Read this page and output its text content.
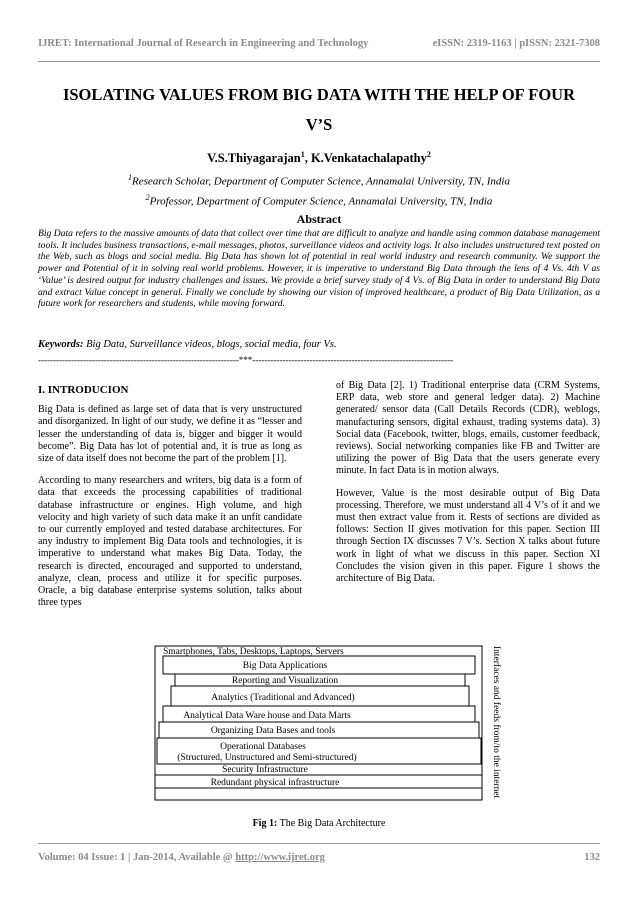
IJRET: International Journal of Research in Engineering and Technology	eISSN: 2319-1163 | pISSN: 2321-7308
ISOLATING VALUES FROM BIG DATA WITH THE HELP OF FOUR
V’S
V.S.Thiyagarajan$^1$, K.Venkatachalapathy$^2$
$^1$Research Scholar, Department of Computer Science, Annamalai University, TN, India
$^2$Professor, Department of Computer Science, Annamalai University, TN, India
Abstract
Big Data refers to the massive amounts of data that collect over time that are difficult to analyze and handle using common database management tools. It includes business transactions, e-mail messages, photos, surveillance videos and activity logs. It also includes unstructured text posted on the Web, such as blogs and social media. Big Data has shown lot of potential in real world industry and research community. We support the power and Potential of it in solving real world problems. However, it is imperative to understand Big Data through the lens of 4 Vs. 4th V as ‘Value’ is desired output for industry challenges and issues. We provide a brief survey study of 4 Vs. of Big Data in order to understand Big Data and extract Value concept in general. Finally we conclude by showing our vision of improved healthcare, a product of Big Data Utilization, as a future work for researchers and students, while moving forward.
Keywords: Big Data, Surveillance videos, blogs, social media, four Vs.
-------------------------------------------------------------------***-------------------------------------------------------------------
I. INTRODUCION

Big Data is defined as large set of data that is very unstructured and disorganized. In light of our study, we define it as “lesser and lesser the understanding of data is, bigger and bigger it would become”. Big Data has lot of potential and, it is true as long as size of data itself does not become the part of the problem [1].

According to many researchers and writers, big data is a form of data that exceeds the processing capabilities of traditional database infrastructure or engines. High volume, and high velocity and high variety of such data make it an unfit candidate to our currently employed and tested database architectures. For any industry to implement Big Data tools and technologies, it is imperative to understand what makes Big Data. Today, the research is directed, encouraged and supported to understand, analyze, clean, process and utilize it for specific purposes. Oracle, a big database enterprise systems solution, talks about three types

of Big Data [2]. 1) Traditional enterprise data (CRM Systems, ERP data, web store and general ledger data). 2) Machine generated/ sensor data (Call Details Records (CDR), weblogs, manufacturing sensors, digital exhaust, trading systems data). 3) Social data (Facebook, twitter, blogs, emails, customer feedback, reviews). Social networking companies like FB and Twitter are utilizing the power of Big Data that the users generate every minute. In fact Data is in motion always.

However, Value is the most desirable output of Big Data processing. Therefore, we must understand all 4 V’s of it and we must then extract value from it. Rests of sections are divided as follows: Section II gives motivation for this paper. Section III through Section IX discusses 7 V’s. Section X talks about future work in light of what we discuss in this paper. Section XI Concludes the vision given in this paper. Figure 1 shows the architecture of Big Data.

Smartphones, Tabs, Desktops, Laptops, Servers
Big Data Applications
Reporting and Visualization
Analytics (Traditional and Advanced)
Analytical Data Ware house and Data Marts
Organizing Data Bases and tools
Operational Databases
(Structured, Unstructured and Semi-structured)
Security Infrastructure
Redundant physical infrastructure	Interfaces and feeds from/to the internet
Fig 1: The Big Data Architecture
Volume: 04 Issue: 1 | Jan-2014, Available @ http://www.ijret.org	132
